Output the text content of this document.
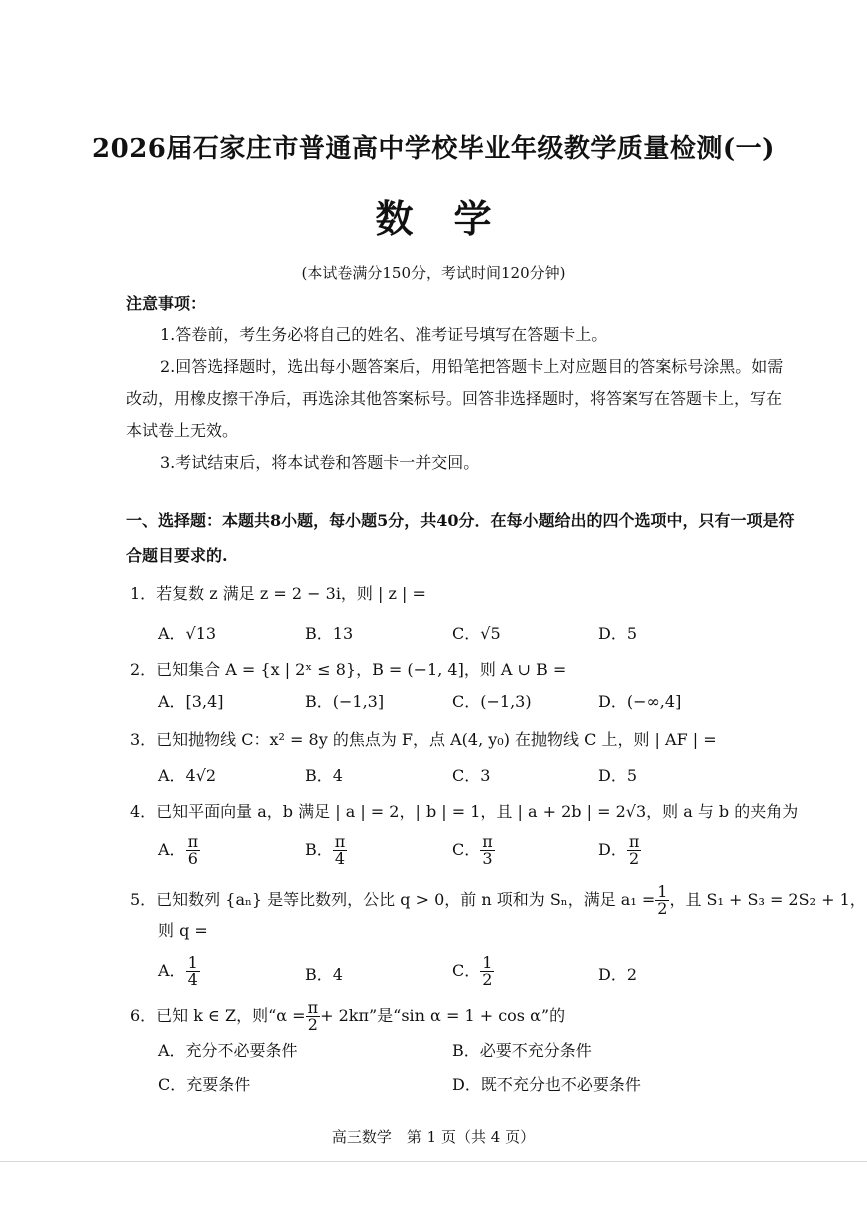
2026届石家庄市普通高中学校毕业年级教学质量检测(一)
数学
(本试卷满分150分，考试时间120分钟)
注意事项：
1.答卷前，考生务必将自己的姓名、准考证号填写在答题卡上。
2.回答选择题时，选出每小题答案后，用铅笔把答题卡上对应题目的答案标号涂黑。如需
改动，用橡皮擦干净后，再选涂其他答案标号。回答非选择题时，将答案写在答题卡上，写在
本试卷上无效。
3.考试结束后，将本试卷和答题卡一并交回。
一、选择题：本题共8小题，每小题5分，共40分．在每小题给出的四个选项中，只有一项是符
合题目要求的.
1．若复数 z 满足 z = 2 − 3i，则 | z | =
A．√13	B．13	C．√5	D．5
2．已知集合 A = {x | 2ˣ ≤ 8}，B = (−1, 4]，则 A ∪ B =
A．[3,4]	B．(−1,3]	C．(−1,3)	D．(−∞,4]
3．已知抛物线 C：x² = 8y 的焦点为 F，点 A(4, y₀) 在抛物线 C 上，则 | AF | =
A．4√2	B．4	C．3	D．5
4．已知平面向量 a，b 满足 | a | = 2，| b | = 1，且 | a + 2b | = 2√3，则 a 与 b 的夹角为
A． $\frac{\pi}{6}$	B． $\frac{\pi}{4}$	C． $\frac{\pi}{3}$	D． $\frac{\pi}{2}$
5．已知数列 {aₙ} 是等比数列，公比 q > 0，前 n 项和为 Sₙ，满足 $a_1 = \frac{1}{2}$ ，且 S₁ + S₃ = 2S₂ + 1，
则 q =
A． $\frac{1}{4}$	B．4	C． $\frac{1}{2}$	D．2
6．已知 k ∈ Z，则“$\alpha = \frac{\pi}{2} + 2k\pi$”是“sin α = 1 + cos α”的
A．充分不必要条件	B．必要不充分条件
C．充要条件	D．既不充分也不必要条件
高三数学　第 1 页（共 4 页）
